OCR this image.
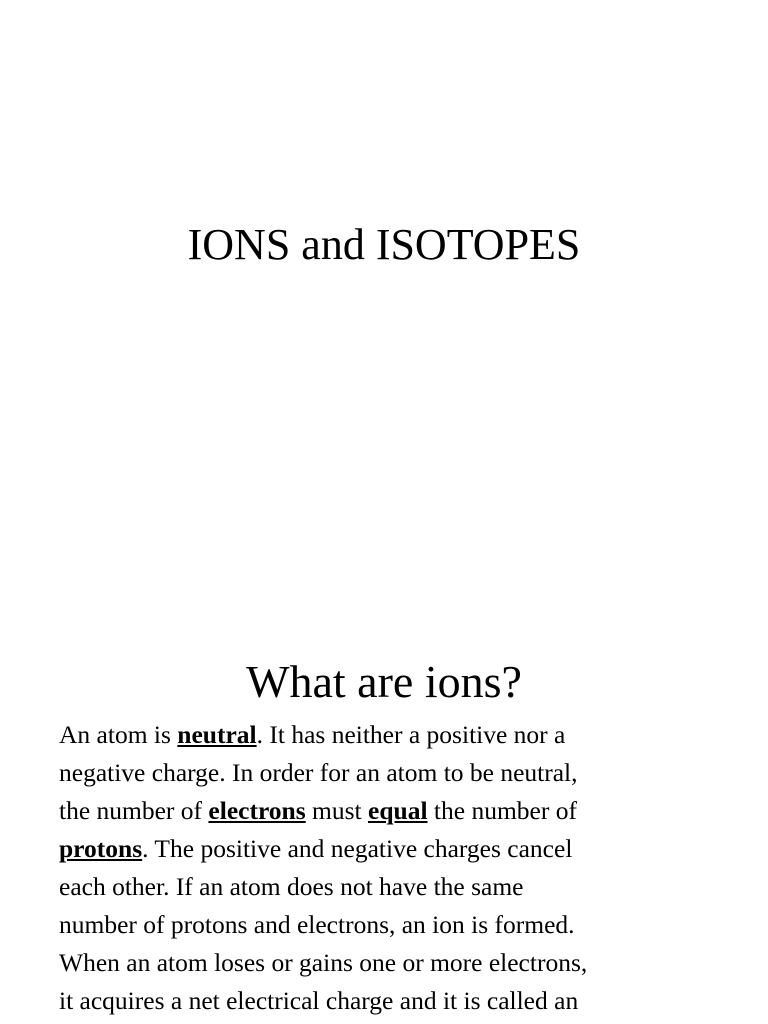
IONS and ISOTOPES
What are ions?

An atom is neutral. It has neither a positive nor a
negative charge. In order for an atom to be neutral,
the number of electrons must equal the number of
protons. The positive and negative charges cancel
each other. If an atom does not have the same
number of protons and electrons, an ion is formed.
When an atom loses or gains one or more electrons,
it acquires a net electrical charge and it is called an
